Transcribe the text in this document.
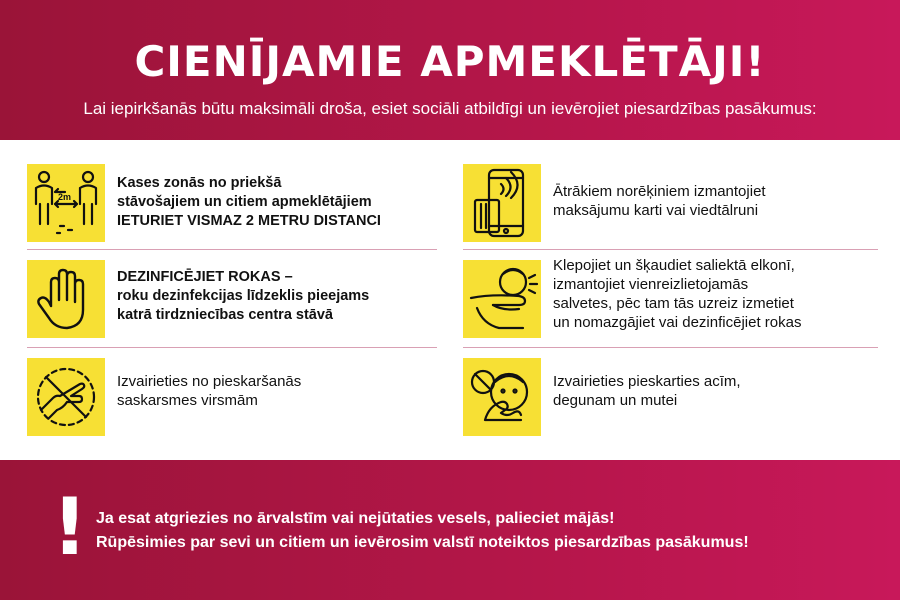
CIENĪJAMIE APMEKLĒTĀJI!
Lai iepirkšanās būtu maksimāli droša, esiet sociāli atbildīgi un ievērojiet piesardzības pasākumus:
2m
Kases zonās no priekšā
stāvošajiem un citiem apmeklētājiem
IETURIET VISMAZ 2 METRU DISTANCI
Ātrākiem norēķiniem izmantojiet
maksājumu karti vai viedtālruni
DEZINFICĒJIET ROKAS –
roku dezinfekcijas līdzeklis pieejams
katrā tirdzniecības centra stāvā
Klepojiet un šķaudiet saliektā elkonī,
izmantojiet vienreizlietojamās
salvetes, pēc tam tās uzreiz izmetiet
un nomazgājiet vai dezinficējiet rokas
Izvairieties no pieskaršanās
saskarsmes virsmām
Izvairieties pieskarties acīm,
degunam un mutei
! Ja esat atgriezies no ārvalstīm vai nejūtaties vesels, palieciet mājās!
Rūpēsimies par sevi un citiem un ievērosim valstī noteiktos piesardzības pasākumus!
